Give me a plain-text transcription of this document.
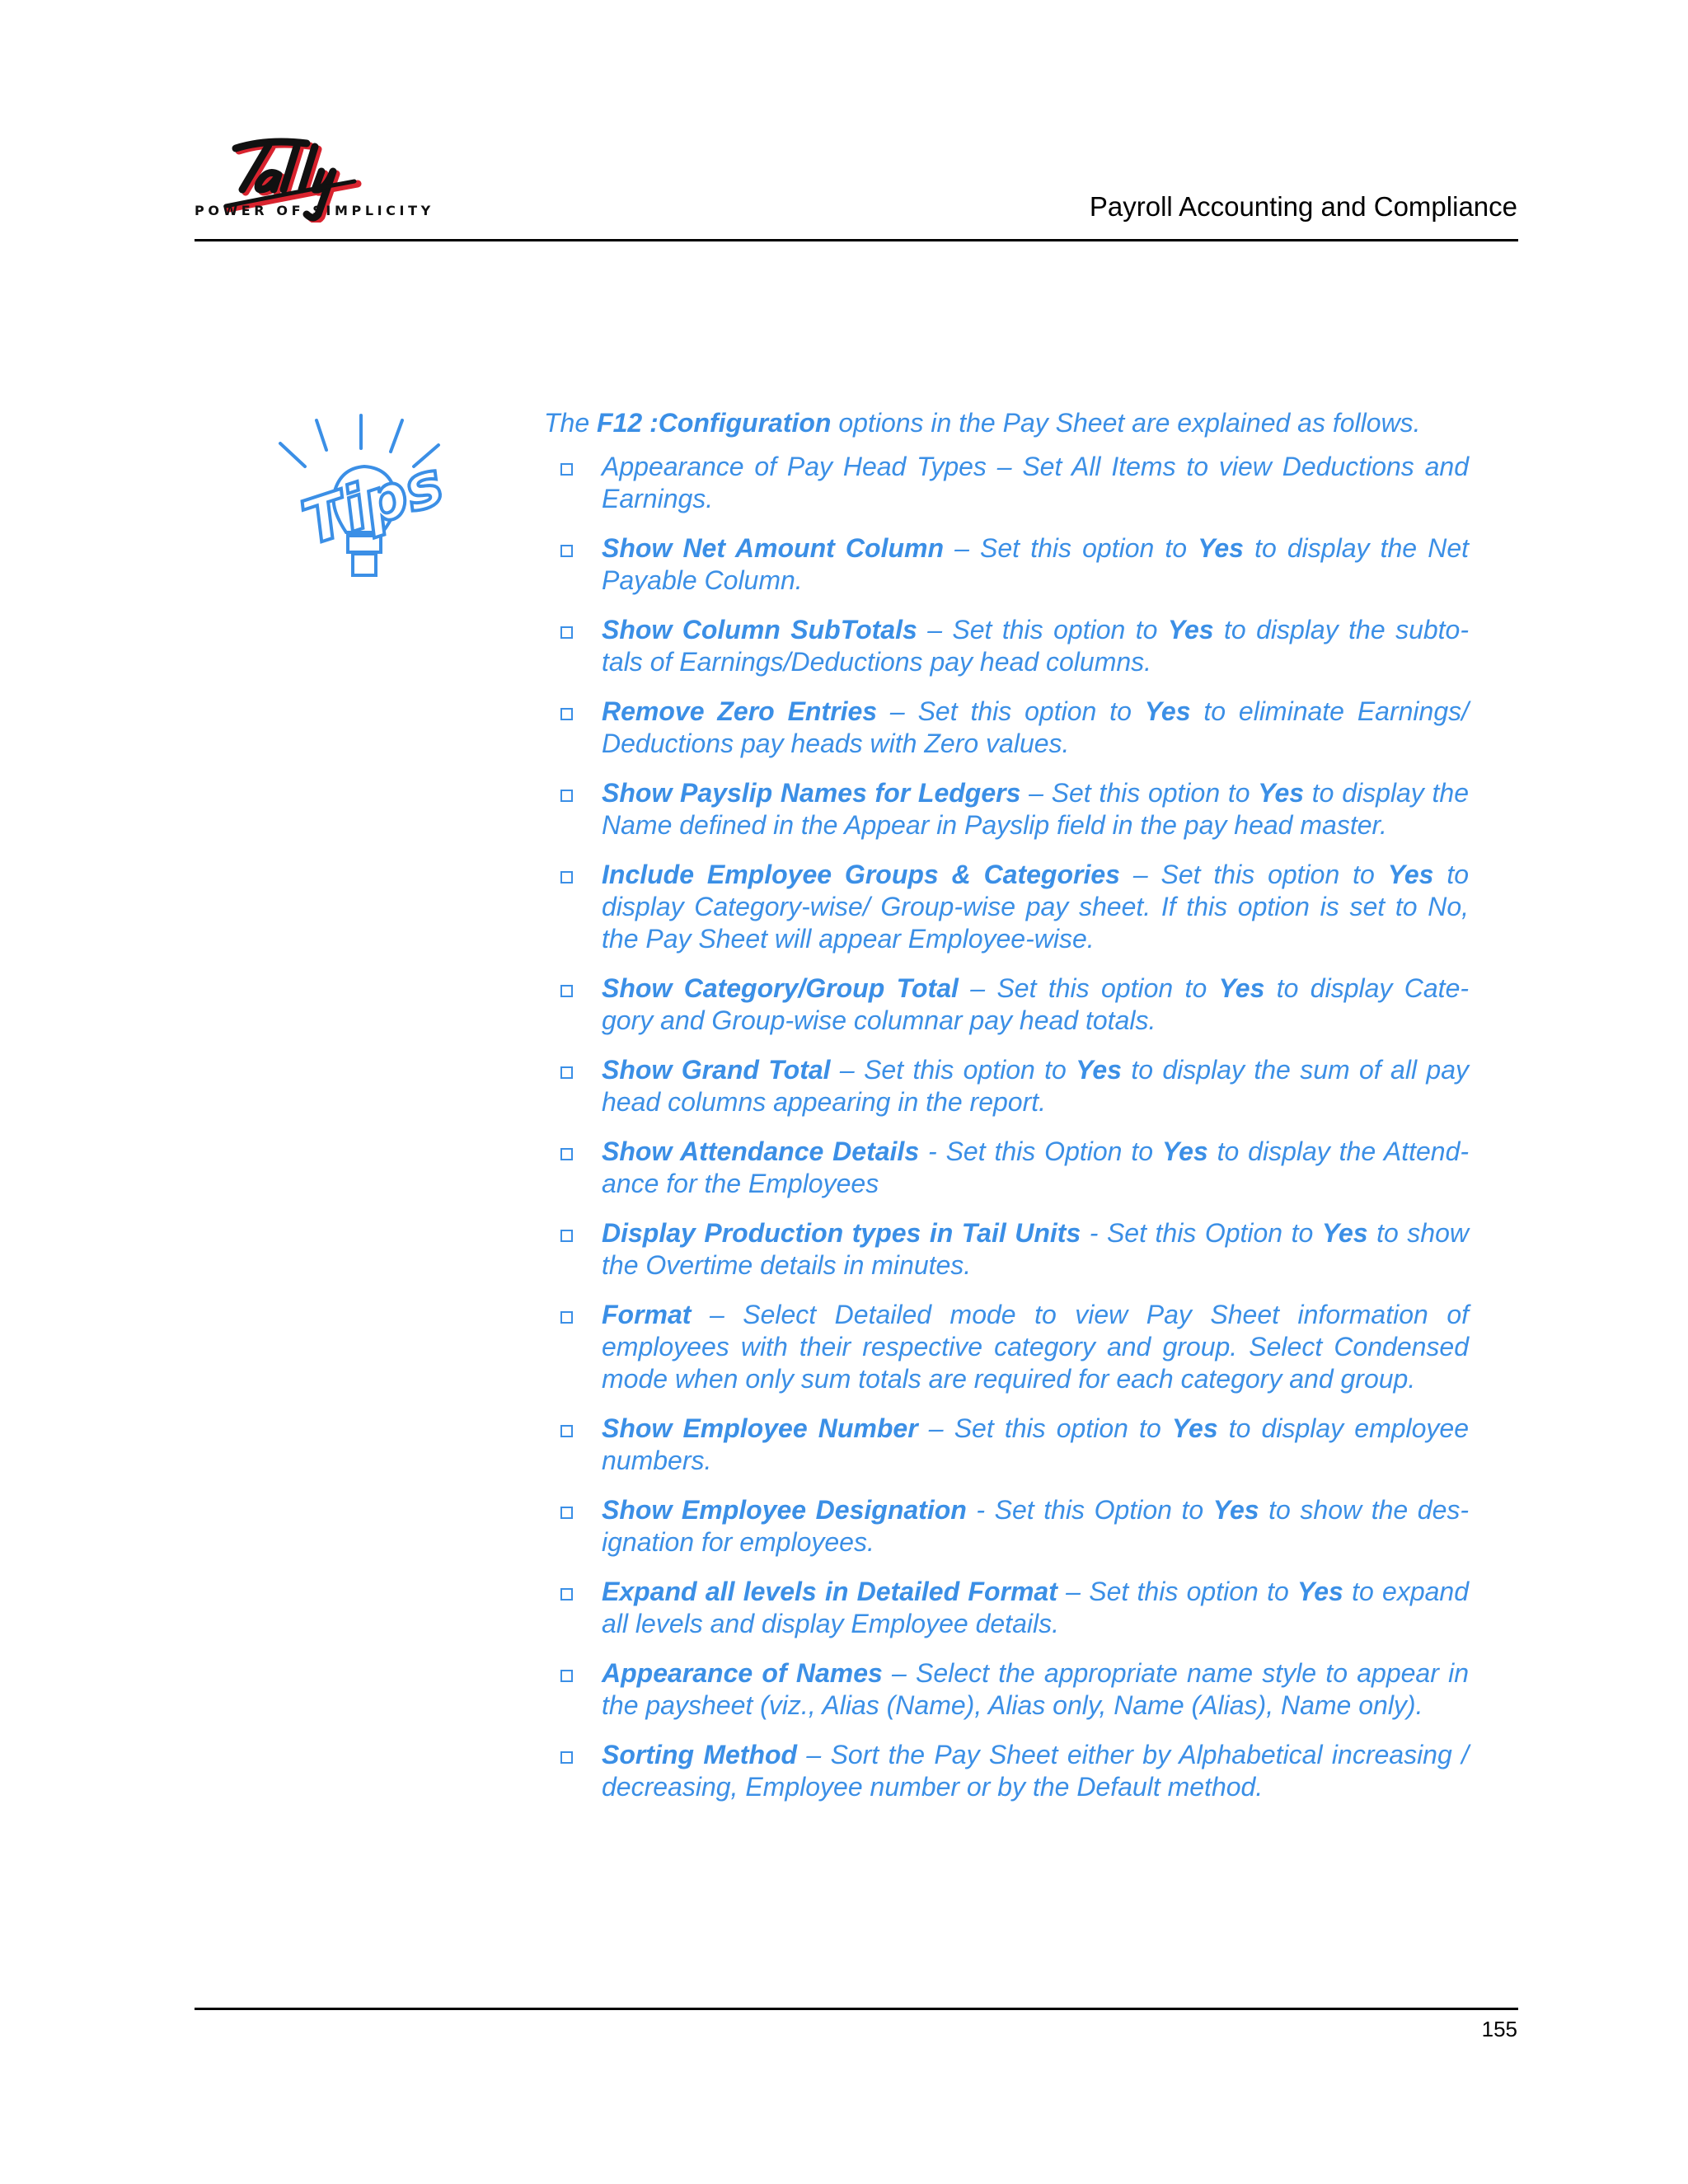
POWER OF SIMPLICITY	Payroll Accounting and Compliance
Tips

The F12 :Configuration options in the Pay Sheet are explained as follows.

Appearance of Pay Head Types – Set All Items to view Deductions and Earnings.
Show Net Amount Column – Set this option to Yes to display the Net Payable Column.
Show Column SubTotals – Set this option to Yes to display the subto-tals of Earnings/Deductions pay head columns.
Remove Zero Entries – Set this option to Yes to eliminate Earnings/ Deductions pay heads with Zero values.
Show Payslip Names for Ledgers – Set this option to Yes to display the Name defined in the Appear in Payslip field in the pay head master.
Include Employee Groups & Categories – Set this option to Yes to display Category-wise/ Group-wise pay sheet. If this option is set to No, the Pay Sheet will appear Employee-wise.
Show Category/Group Total – Set this option to Yes to display Cate-gory and Group-wise columnar pay head totals.
Show Grand Total – Set this option to Yes to display the sum of all pay head columns appearing in the report.
Show Attendance Details - Set this Option to Yes to display the Attend-ance for the Employees
Display Production types in Tail Units - Set this Option to Yes to show the Overtime details in minutes.
Format – Select Detailed mode to view Pay Sheet information of employees with their respective category and group. Select Condensed mode when only sum totals are required for each category and group.
Show Employee Number – Set this option to Yes to display employee numbers.
Show Employee Designation - Set this Option to Yes to show the des-ignation for employees.
Expand all levels in Detailed Format – Set this option to Yes to expand all levels and display Employee details.
Appearance of Names – Select the appropriate name style to appear in the paysheet (viz., Alias (Name), Alias only, Name (Alias), Name only).
Sorting Method – Sort the Pay Sheet either by Alphabetical increasing / decreasing, Employee number or by the Default method.
155
